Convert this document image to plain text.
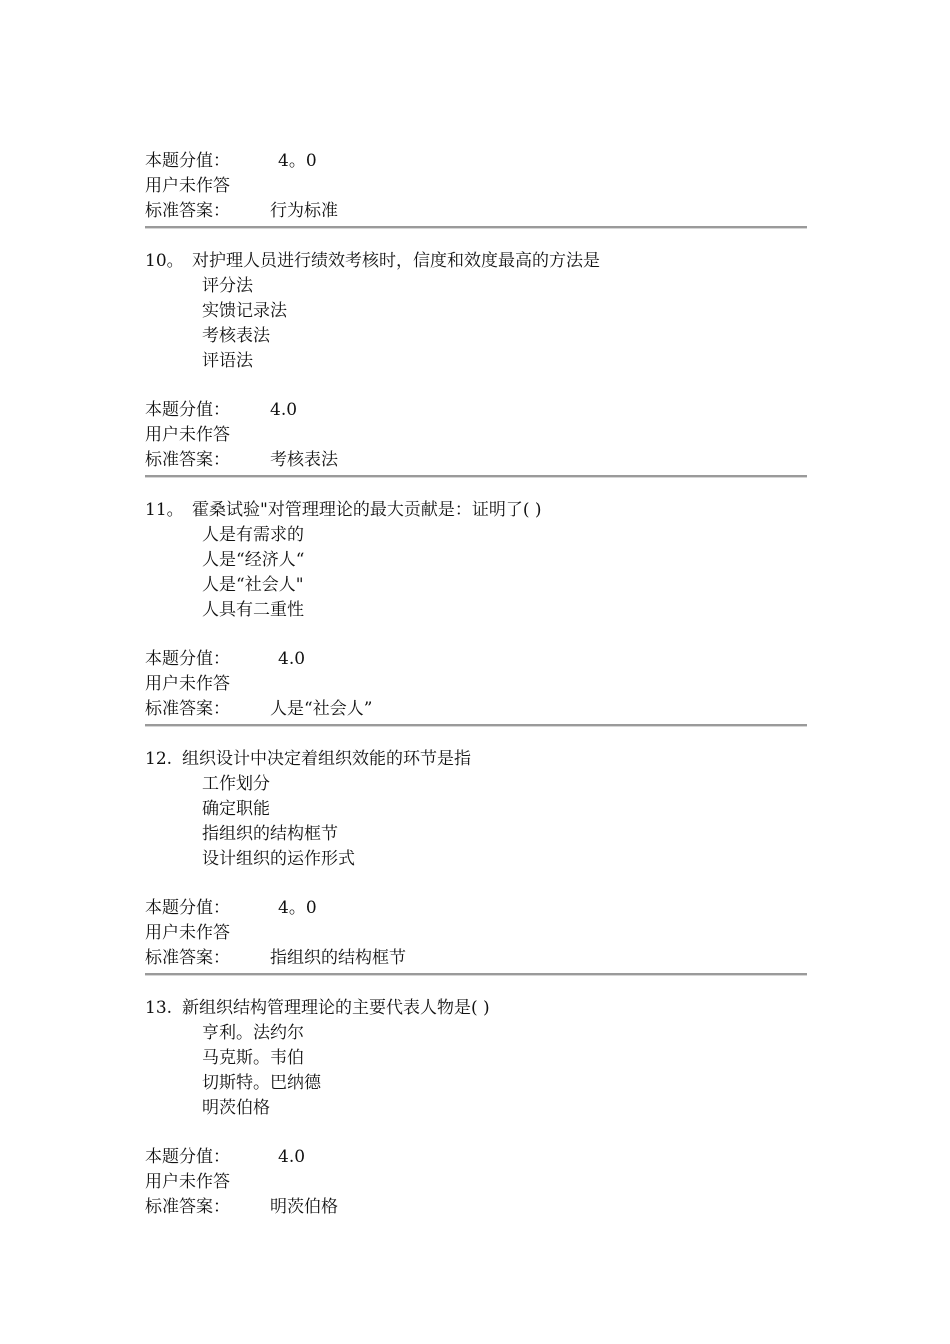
本题分值：	4。0
用户未作答
标准答案： 行为标准
10。 对护理人员进行绩效考核时，信度和效度最高的方法是
评分法
实馈记录法
考核表法
评语法
本题分值： 4.0
用户未作答
标准答案： 考核表法
11。 霍桑试验"对管理理论的最大贡献是：证明了( )
人是有需求的
人是“经济人“
人是“社会人"
人具有二重性
本题分值：	4.0
用户未作答
标准答案： 人是“社会人”
12. 组织设计中决定着组织效能的环节是指
工作划分
确定职能
指组织的结构框节
设计组织的运作形式
本题分值：	4。0
用户未作答
标准答案： 指组织的结构框节
13. 新组织结构管理理论的主要代表人物是( )
亨利。法约尔
马克斯。韦伯
切斯特。巴纳德
明茨伯格
本题分值：	4.0
用户未作答
标准答案： 明茨伯格
